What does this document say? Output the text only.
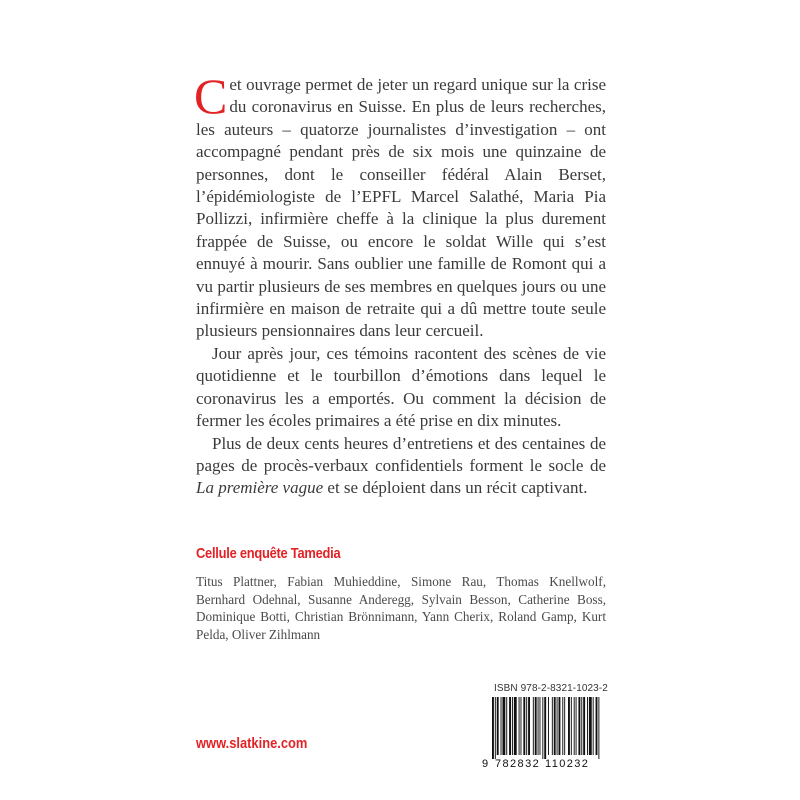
Cet ouvrage permet de jeter un regard unique sur la crise du coronavirus en Suisse. En plus de leurs recherches, les auteurs – quatorze journalistes d’investigation – ont accompagné pendant près de six mois une quinzaine de personnes, dont le conseiller fédéral Alain Berset, l’épidémiologiste de l’EPFL Marcel Salathé, Maria Pia Pollizzi, infirmière cheffe à la clinique la plus durement frappée de Suisse, ou encore le soldat Wille qui s’est ennuyé à mourir. Sans oublier une famille de Romont qui a vu partir plusieurs de ses membres en quelques jours ou une infirmière en maison de retraite qui a dû mettre toute seule plusieurs pensionnaires dans leur cercueil.

Jour après jour, ces témoins racontent des scènes de vie quotidienne et le tourbillon d’émotions dans lequel le coronavirus les a emportés. Ou comment la décision de fermer les écoles primaires a été prise en dix minutes.

Plus de deux cents heures d’entretiens et des centaines de pages de procès-verbaux confidentiels forment le socle de La première vague et se déploient dans un récit captivant.

Cellule enquête Tamedia
Titus Plattner, Fabian Muhieddine, Simone Rau, Thomas Knellwolf, Bernhard Odehnal, Susanne Anderegg, Sylvain Besson, Catherine Boss, Dominique Botti, Christian Brönnimann, Yann Cherix, Roland Gamp, Kurt Pelda, Oliver Zihlmann
ISBN 978-2-8321-1023-2
9 782832 110232
www.slatkine.com
